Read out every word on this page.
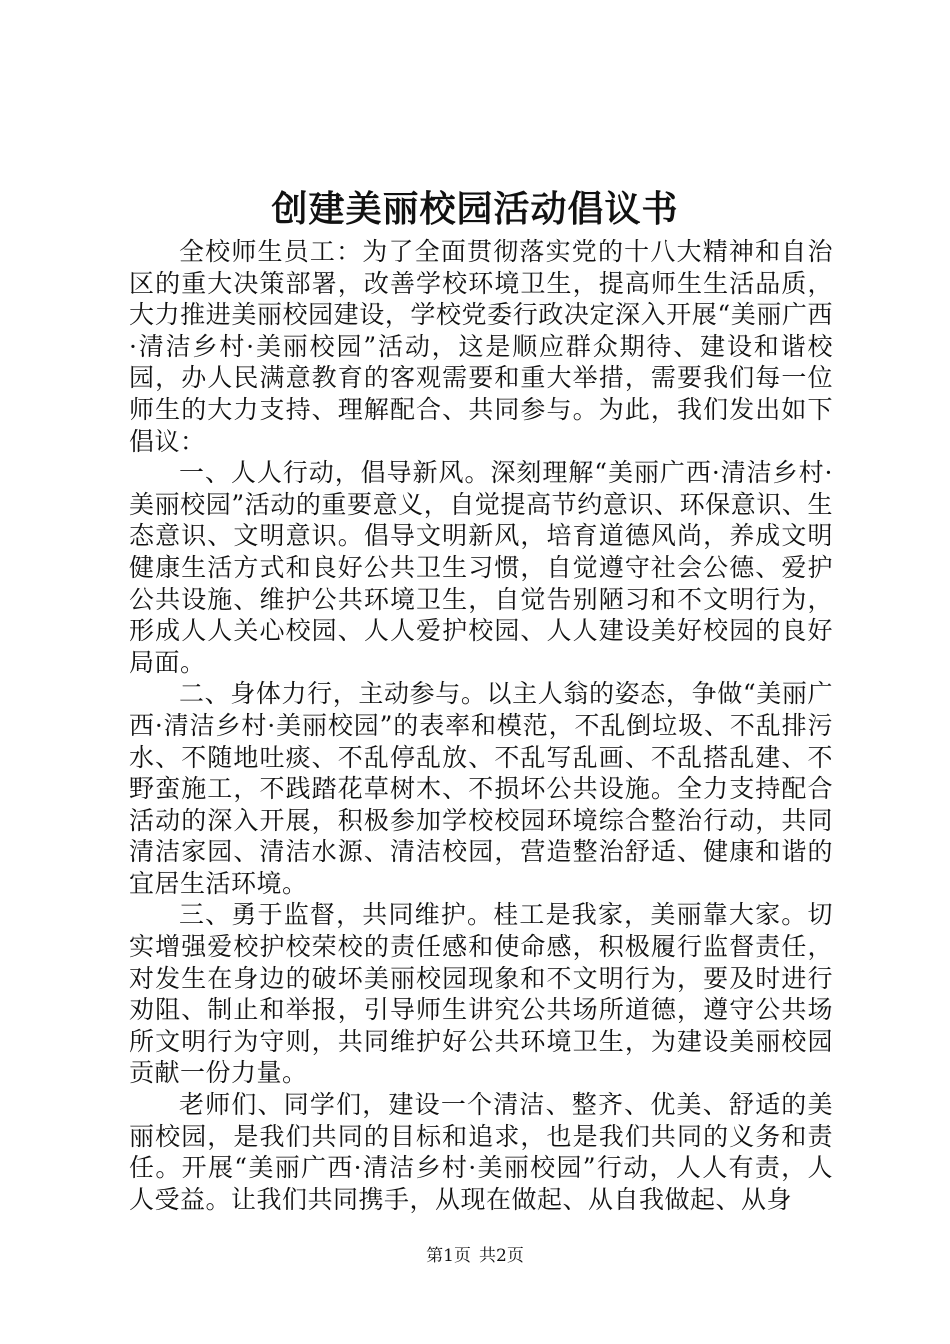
创建美丽校园活动倡议书

全校师生员工：为了全面贯彻落实党的十八大精神和自治区的重大决策部署，改善学校环境卫生，提高师生生活品质，大力推进美丽校园建设，学校党委行政决定深入开展“美丽广西·清洁乡村·美丽校园”活动，这是顺应群众期待、建设和谐校园，办人民满意教育的客观需要和重大举措，需要我们每一位师生的大力支持、理解配合、共同参与。为此，我们发出如下倡议：

一、人人行动，倡导新风。深刻理解“美丽广西·清洁乡村·美丽校园”活动的重要意义，自觉提高节约意识、环保意识、生态意识、文明意识。倡导文明新风，培育道德风尚，养成文明健康生活方式和良好公共卫生习惯，自觉遵守社会公德、爱护公共设施、维护公共环境卫生，自觉告别陋习和不文明行为，形成人人关心校园、人人爱护校园、人人建设美好校园的良好局面。

二、身体力行，主动参与。以主人翁的姿态，争做“美丽广西·清洁乡村·美丽校园”的表率和模范，不乱倒垃圾、不乱排污水、不随地吐痰、不乱停乱放、不乱写乱画、不乱搭乱建、不野蛮施工，不践踏花草树木、不损坏公共设施。全力支持配合活动的深入开展，积极参加学校校园环境综合整治行动，共同清洁家园、清洁水源、清洁校园，营造整治舒适、健康和谐的宜居生活环境。

三、勇于监督，共同维护。桂工是我家，美丽靠大家。切实增强爱校护校荣校的责任感和使命感，积极履行监督责任，对发生在身边的破坏美丽校园现象和不文明行为，要及时进行劝阻、制止和举报，引导师生讲究公共场所道德，遵守公共场所文明行为守则，共同维护好公共环境卫生，为建设美丽校园贡献一份力量。

老师们、同学们，建设一个清洁、整齐、优美、舒适的美丽校园，是我们共同的目标和追求，也是我们共同的义务和责任。开展“美丽广西·清洁乡村·美丽校园”行动，人人有责，人人受益。让我们共同携手，从现在做起、从自我做起、从身

第1页 共2页
